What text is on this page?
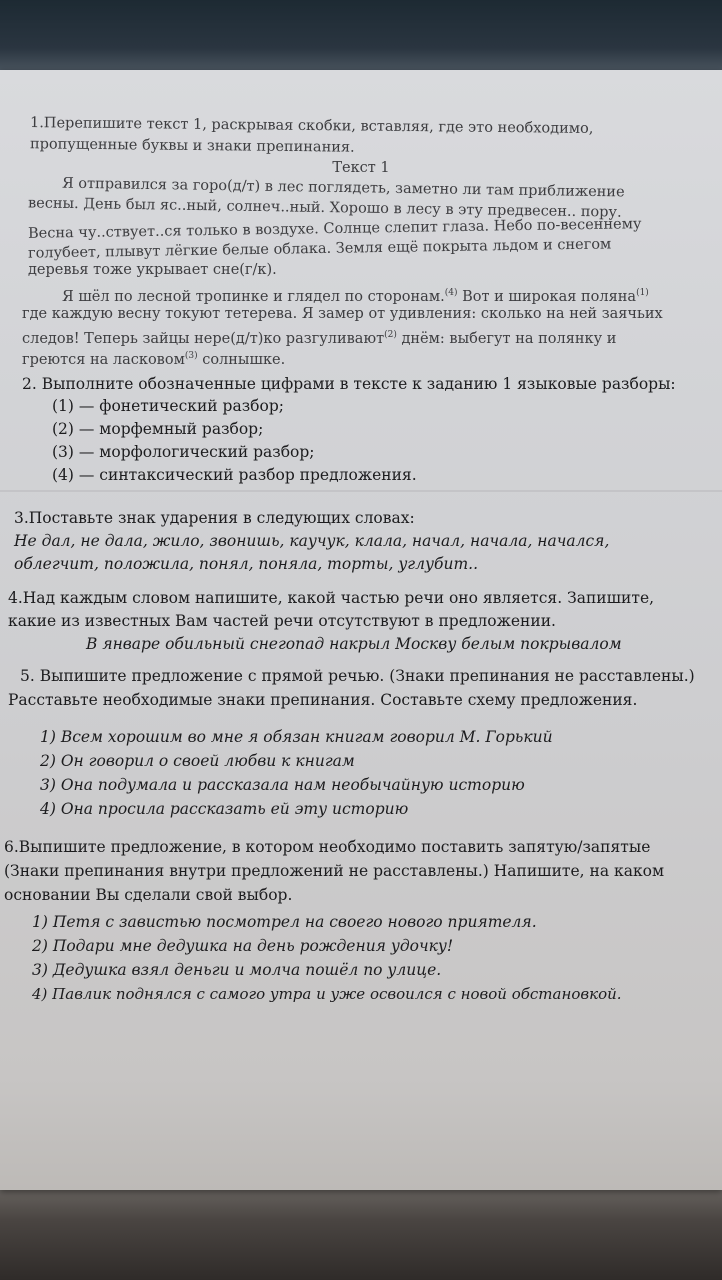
1.Перепишите текст 1, раскрывая скобки, вставляя, где это необходимо,
пропущенные буквы и знаки препинания.
Текст 1
Я отправился за горо(д/т) в лес поглядеть, заметно ли там приближение
весны. День был яс..ный, солнеч..ный. Хорошо в лесу в эту предвесен.. пору.
Весна чу..ствует..ся только в воздухе. Солнце слепит глаза. Небо по-весеннему
голубеет, плывут лёгкие белые облака. Земля ещё покрыта льдом и снегом
деревья тоже укрывает сне(г/к).
Я шёл по лесной тропинке и глядел по сторонам.$^{(4)}$ Вот и широкая поляна$^{(1)}$
где каждую весну токуют тетерева. Я замер от удивления: сколько на ней заячьих
следов! Теперь зайцы нере(д/т)ко разгуливают$^{(2)}$ днём: выбегут на полянку и
греются на ласковом$^{(3)}$ солнышке.
2. Выполните обозначенные цифрами в тексте к заданию 1 языковые разборы:
(1) — фонетический разбор;
(2) — морфемный разбор;
(3) — морфологический разбор;
(4) — синтаксический разбор предложения.
3.Поставьте знак ударения в следующих словах:
Не дал, не дала, жило, звонишь, каучук, клала, начал, начала, начался,
облегчит, положила, понял, поняла, торты, углубит..
4.Над каждым словом напишите, какой частью речи оно является. Запишите,
какие из известных Вам частей речи отсутствуют в предложении.
В январе обильный снегопад накрыл Москву белым покрывалом
5. Выпишите предложение с прямой речью. (Знаки препинания не расставлены.)
Расставьте необходимые знаки препинания. Составьте схему предложения.
1) Всем хорошим во мне я обязан книгам говорил М. Горький
2) Он говорил о своей любви к книгам
3) Она подумала и рассказала нам необычайную историю
4) Она просила рассказать ей эту историю
6.Выпишите предложение, в котором необходимо поставить запятую/запятые
(Знаки препинания внутри предложений не расставлены.) Напишите, на каком
основании Вы сделали свой выбор.
1) Петя с завистью посмотрел на своего нового приятеля.
2) Подари мне дедушка на день рождения удочку!
3) Дедушка взял деньги и молча пошёл по улице.
4) Павлик поднялся с самого утра и уже освоился с новой обстановкой.
